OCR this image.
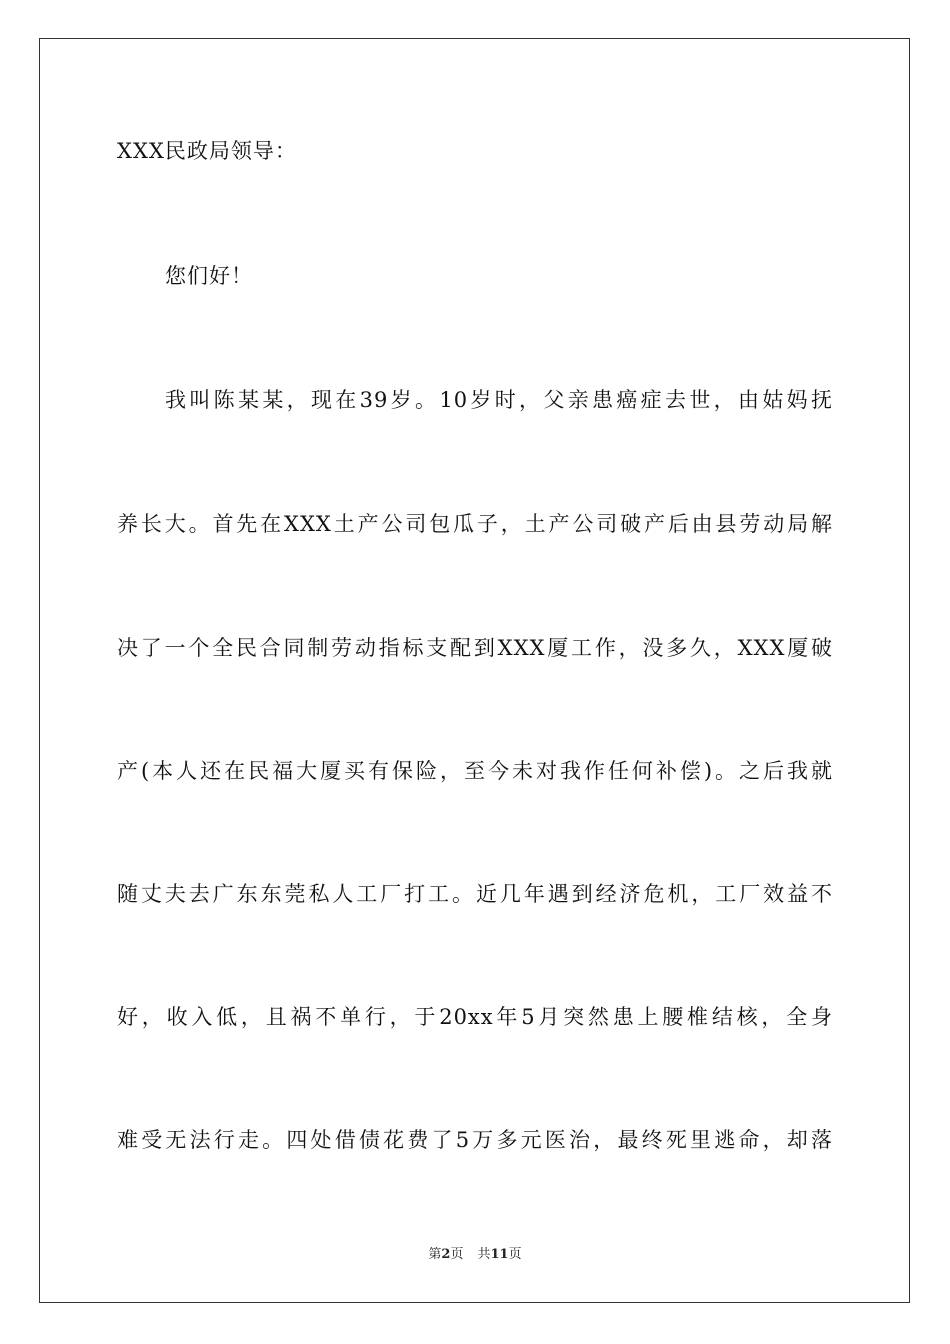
XXX民政局领导：
您们好！
我叫陈某某，现在39岁。10岁时，父亲患癌症去世，由姑妈抚
养长大。首先在XXX土产公司包瓜子，土产公司破产后由县劳动局解
决了一个全民合同制劳动指标支配到XXX厦工作，没多久，XXX厦破
产(本人还在民福大厦买有保险，至今未对我作任何补偿)。之后我就
随丈夫去广东东莞私人工厂打工。近几年遇到经济危机，工厂效益不
好，收入低，且祸不单行，于20xx年5月突然患上腰椎结核，全身
难受无法行走。四处借债花费了5万多元医治，最终死里逃命，却落
第2页 共11页
